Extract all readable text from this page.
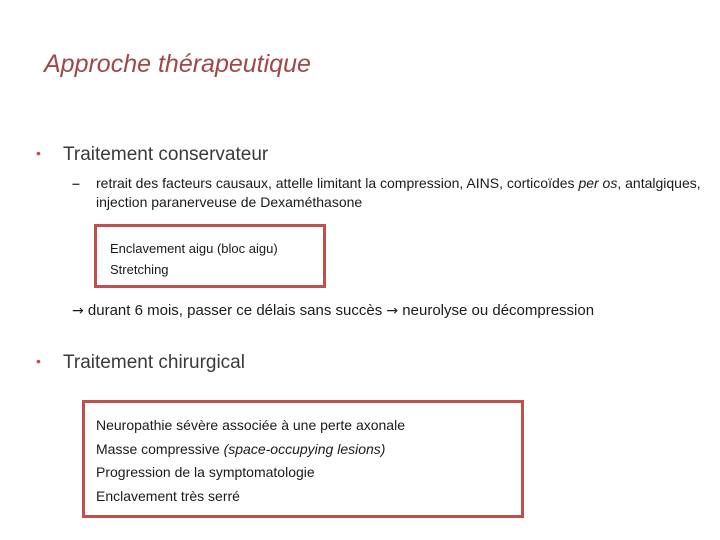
Approche thérapeutique
• Traitement conservateur
– retrait des facteurs causaux, attelle limitant la compression, AINS, corticoïdes per os, antalgiques, injection paranerveuse de Dexaméthasone
Enclavement aigu (bloc aigu)
Stretching
→ durant 6 mois, passer ce délais sans succès → neurolyse ou décompression
• Traitement chirurgical
Neuropathie sévère associée à une perte axonale
Masse compressive (space-occupying lesions)
Progression de la symptomatologie
Enclavement très serré
